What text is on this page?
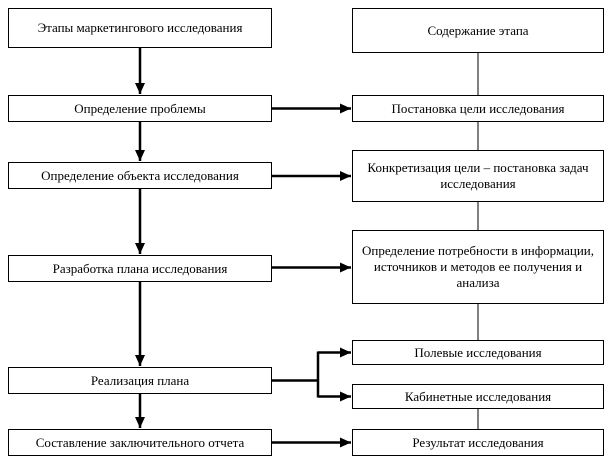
Этапы маркетингового исследования
Определение проблемы
Определение объекта исследования
Разработка плана исследования
Реализация плана
Составление заключительного отчета
Содержание этапа
Постановка цели исследования
Конкретизация цели – постановка задач исследования
Определение потребности в информации, источников и методов ее получения и анализа
Полевые исследования
Кабинетные исследования
Результат исследования
